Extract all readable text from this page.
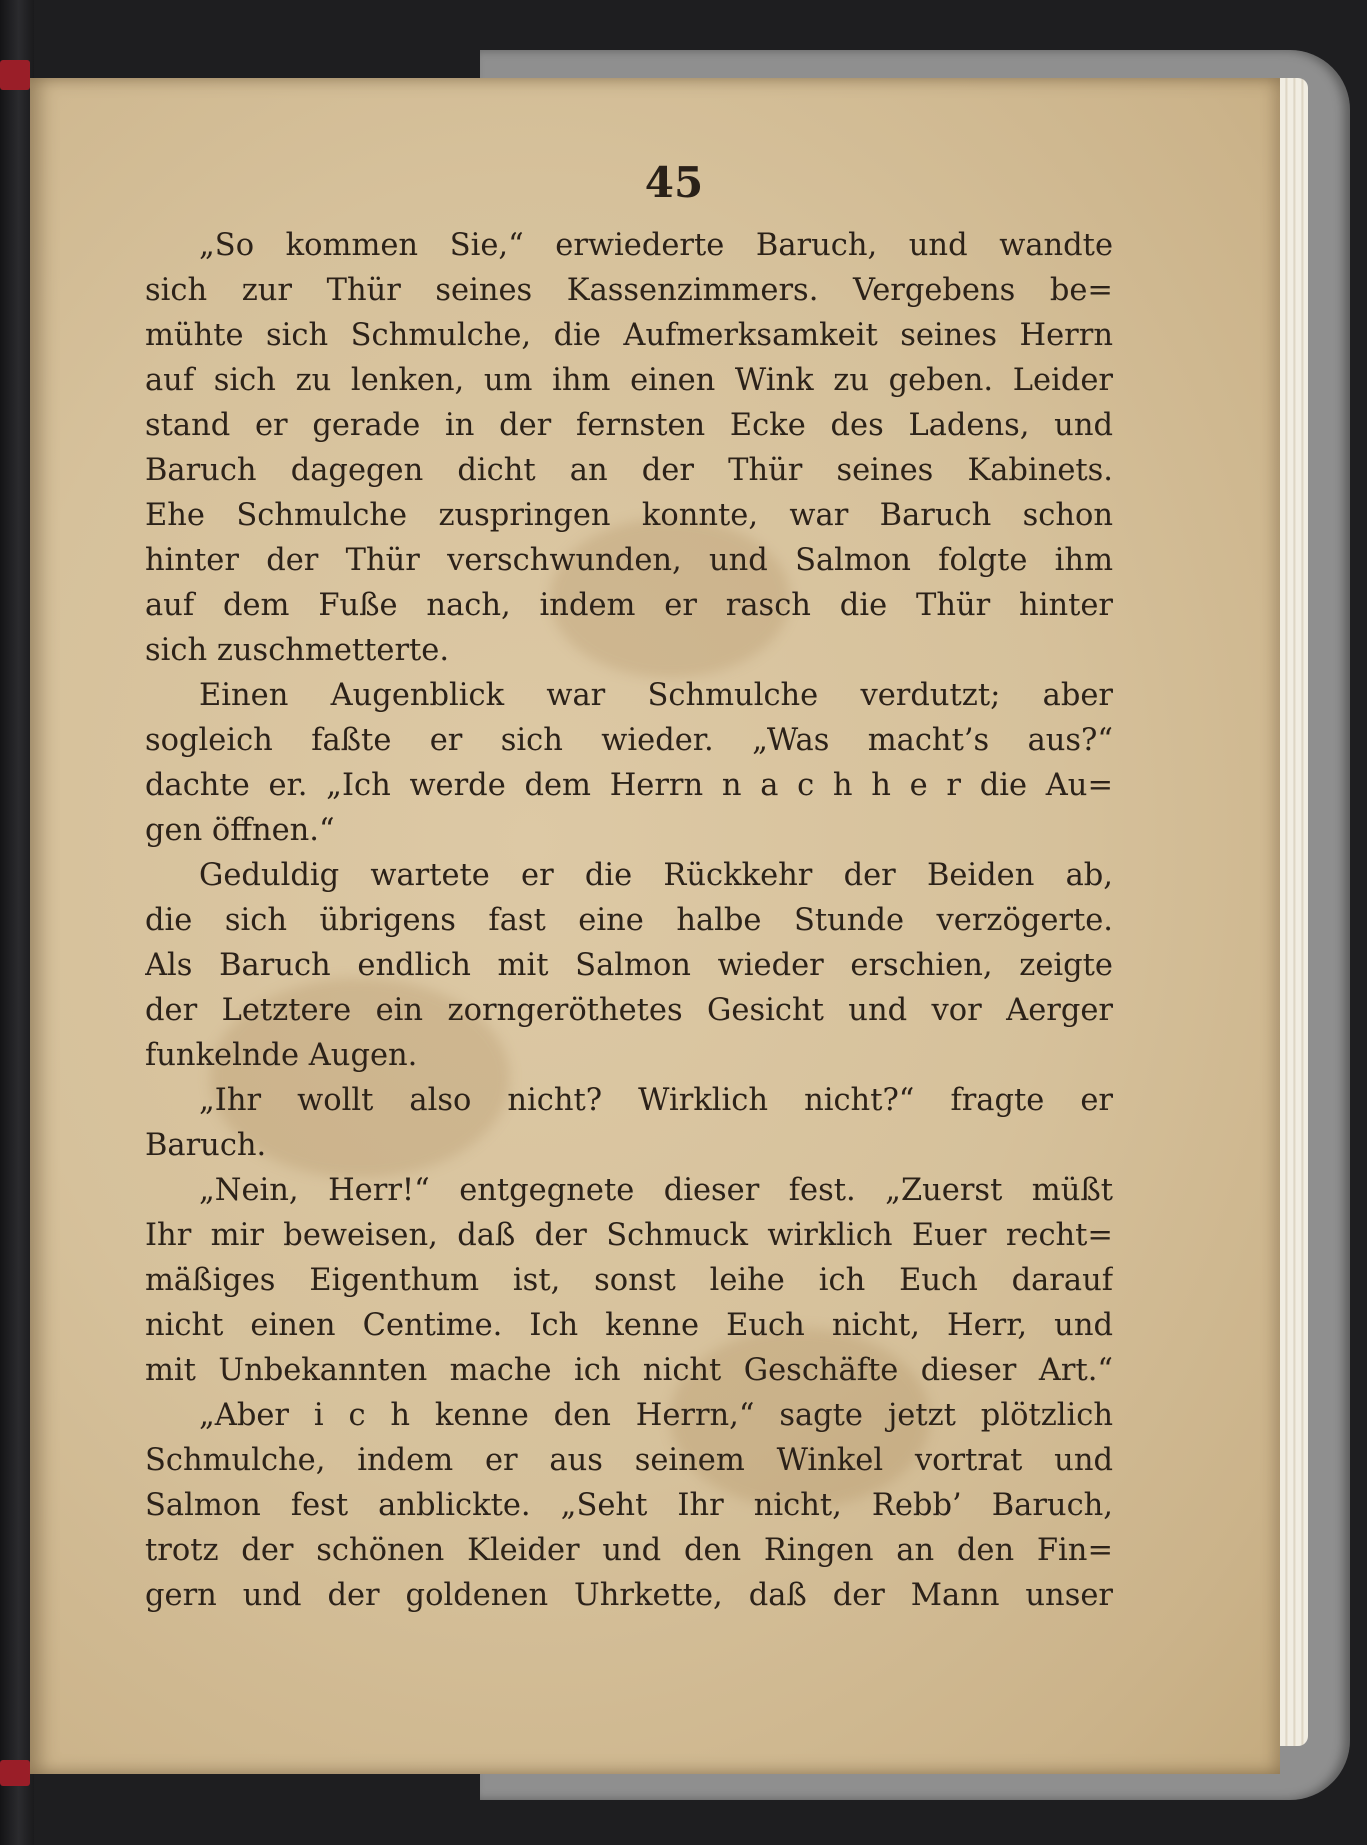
45
„So kommen Sie,“ erwiederte Baruch, und wandte
sich zur Thür seines Kassenzimmers. Vergebens be=
mühte sich Schmulche, die Aufmerksamkeit seines Herrn
auf sich zu lenken, um ihm einen Wink zu geben. Leider
stand er gerade in der fernsten Ecke des Ladens, und
Baruch dagegen dicht an der Thür seines Kabinets.
Ehe Schmulche zuspringen konnte, war Baruch schon
hinter der Thür verschwunden, und Salmon folgte ihm
auf dem Fuße nach, indem er rasch die Thür hinter
sich zuschmetterte.
Einen Augenblick war Schmulche verdutzt; aber
sogleich faßte er sich wieder. „Was macht’s aus?“
dachte er. „Ich werde dem Herrn n a c h h e r die Au=
gen öffnen.“
Geduldig wartete er die Rückkehr der Beiden ab,
die sich übrigens fast eine halbe Stunde verzögerte.
Als Baruch endlich mit Salmon wieder erschien, zeigte
der Letztere ein zorngeröthetes Gesicht und vor Aerger
funkelnde Augen.
„Ihr wollt also nicht? Wirklich nicht?“ fragte er
Baruch.
„Nein, Herr!“ entgegnete dieser fest. „Zuerst müßt
Ihr mir beweisen, daß der Schmuck wirklich Euer recht=
mäßiges Eigenthum ist, sonst leihe ich Euch darauf
nicht einen Centime. Ich kenne Euch nicht, Herr, und
mit Unbekannten mache ich nicht Geschäfte dieser Art.“
„Aber i c h kenne den Herrn,“ sagte jetzt plötzlich
Schmulche, indem er aus seinem Winkel vortrat und
Salmon fest anblickte. „Seht Ihr nicht, Rebb’ Baruch,
trotz der schönen Kleider und den Ringen an den Fin=
gern und der goldenen Uhrkette, daß der Mann unser
